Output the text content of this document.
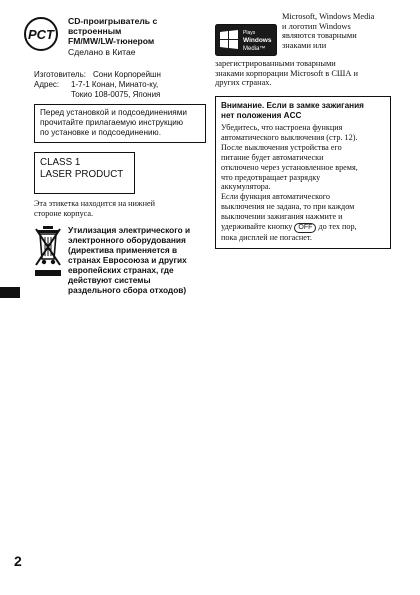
PCT
CD-проигрыватель с
встроенным
FM/MW/LW-тюнером
Сделано в Китае
Изготовитель: Сони Корпорейшн
Адрес:	1-7-1 Конан, Минато-ку,
Токио 108-0075, Япония
Перед установкой и подсоединениями
прочитайте прилагаемую инструкцию
по установке и подсоединению.
CLASS 1
LASER PRODUCT
Эта этикетка находится на нижней
стороне корпуса.
Утилизация электрического и
электронного оборудования
(директива применяется в
странах Евросоюза и других
европейских странах, где
действуют системы
раздельного сбора отходов)
2
Plays
Windows
Media™
Microsoft, Windows Media
и логотип Windows
являются товарными
знаками или
зарегистрированными товарными
знаками корпорации Microsoft в США и
других странах.
Внимание. Если в замке зажигания
нет положения ACC
Убедитесь, что настроена функция
автоматического выключения (стр. 12).
После выключения устройства его
питание будет автоматически
отключено через установленное время,
что предотвращает разрядку
аккумулятора.
Если функция автоматического
выключения не задана, то при каждом
выключении зажигания нажмите и
удерживайте кнопку OFF до тех пор,
пока дисплей не погаснет.
